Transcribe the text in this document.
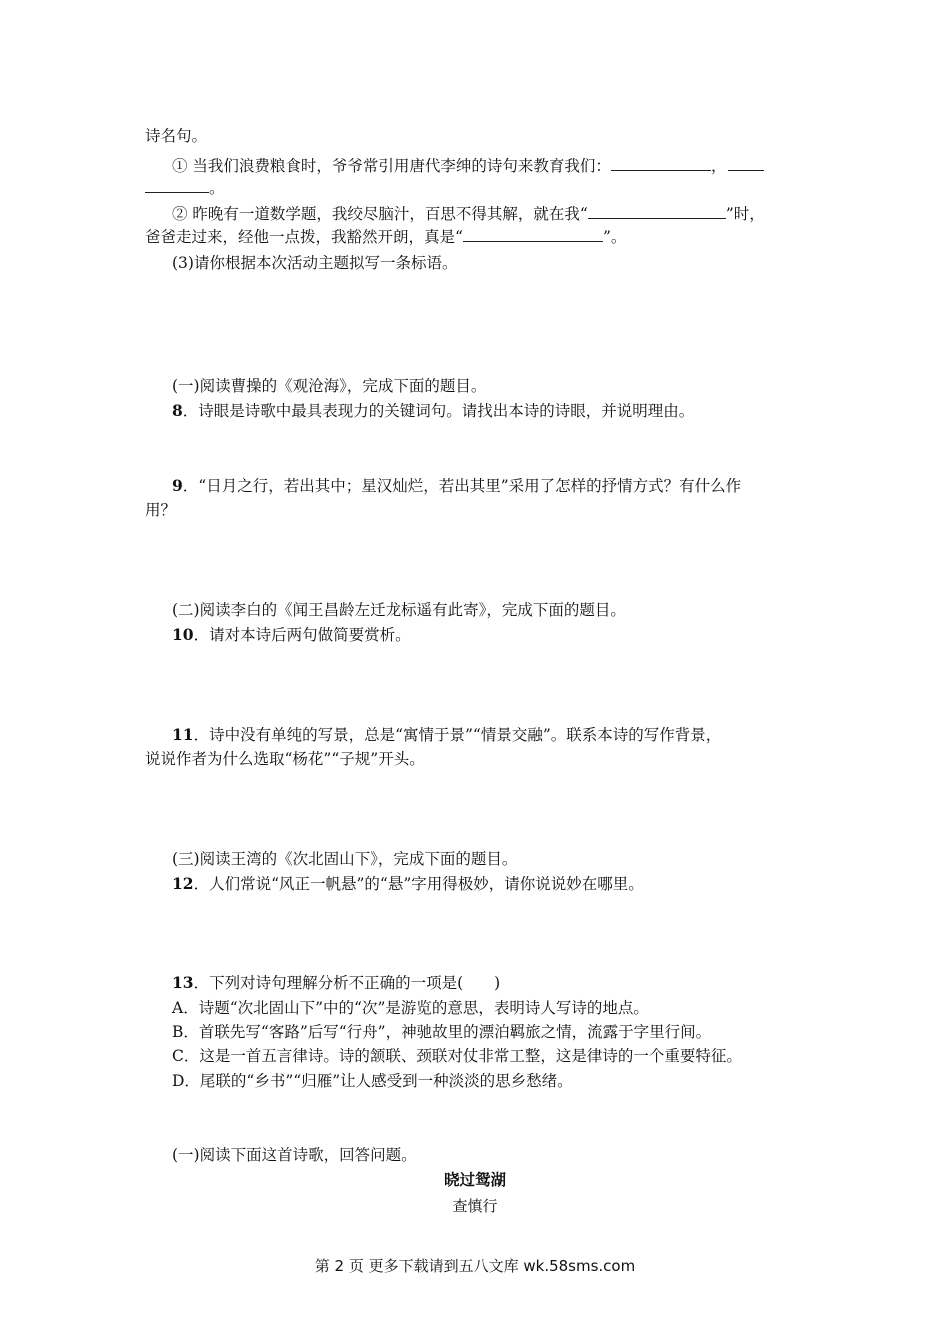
诗名句。
① 当我们浪费粮食时，爷爷常引用唐代李绅的诗句来教育我们：	，
。
② 昨晚有一道数学题，我绞尽脑汁，百思不得其解，就在我“	”时，
爸爸走过来，经他一点拨，我豁然开朗，真是“	”。
(3)请你根据本次活动主题拟写一条标语。
(一)阅读曹操的《观沧海》，完成下面的题目。
8．诗眼是诗歌中最具表现力的关键词句。请找出本诗的诗眼，并说明理由。
9．“日月之行，若出其中；星汉灿烂，若出其里”采用了怎样的抒情方式？有什么作
用？
(二)阅读李白的《闻王昌龄左迁龙标遥有此寄》，完成下面的题目。
10．请对本诗后两句做简要赏析。
11．诗中没有单纯的写景，总是“寓情于景”“情景交融”。联系本诗的写作背景，
说说作者为什么选取“杨花”“子规”开头。
(三)阅读王湾的《次北固山下》，完成下面的题目。
12．人们常说“风正一帆悬”的“悬”字用得极妙，请你说说妙在哪里。
13．下列对诗句理解分析不正确的一项是(　　)
A．诗题“次北固山下”中的“次”是游览的意思，表明诗人写诗的地点。
B．首联先写“客路”后写“行舟”，神驰故里的漂泊羁旅之情，流露于字里行间。
C．这是一首五言律诗。诗的颔联、颈联对仗非常工整，这是律诗的一个重要特征。
D．尾联的“乡书”“归雁”让人感受到一种淡淡的思乡愁绪。
(一)阅读下面这首诗歌，回答问题。
晓过鸳湖
查慎行
第 2 页 更多下载请到五八文库 wk.58sms.com
